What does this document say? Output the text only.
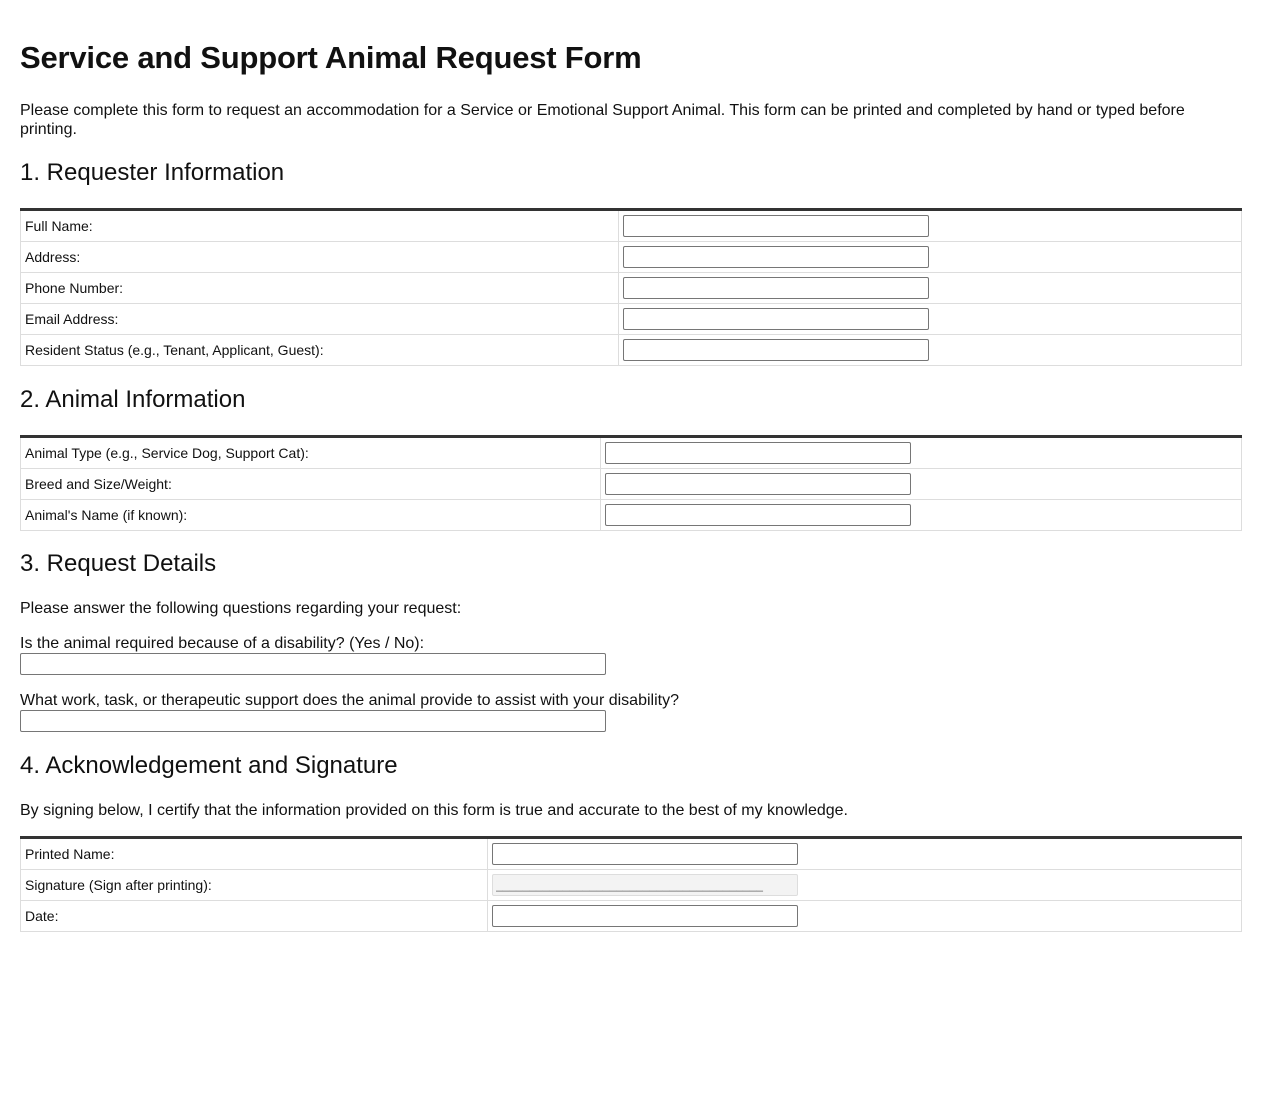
Service and Support Animal Request Form

Please complete this form to request an accommodation for a Service or Emotional Support Animal. This form can be printed and completed by hand or typed before printing.

1. Requester Information
Full Name:	

Address:	

Phone Number:	

Email Address:	

Resident Status (e.g., Tenant, Applicant, Guest):	
2. Animal Information
Animal Type (e.g., Service Dog, Support Cat):	

Breed and Size/Weight:	

Animal's Name (if known):	
3. Request Details

Please answer the following questions regarding your request:

Is the animal required because of a disability? (Yes / No):

What work, task, or therapeutic support does the animal provide to assist with your disability?

4. Acknowledgement and Signature

By signing below, I certify that the information provided on this form is true and accurate to the best of my knowledge.

Printed Name:	

Signature (Sign after printing):	
________________________________________
Date:	
